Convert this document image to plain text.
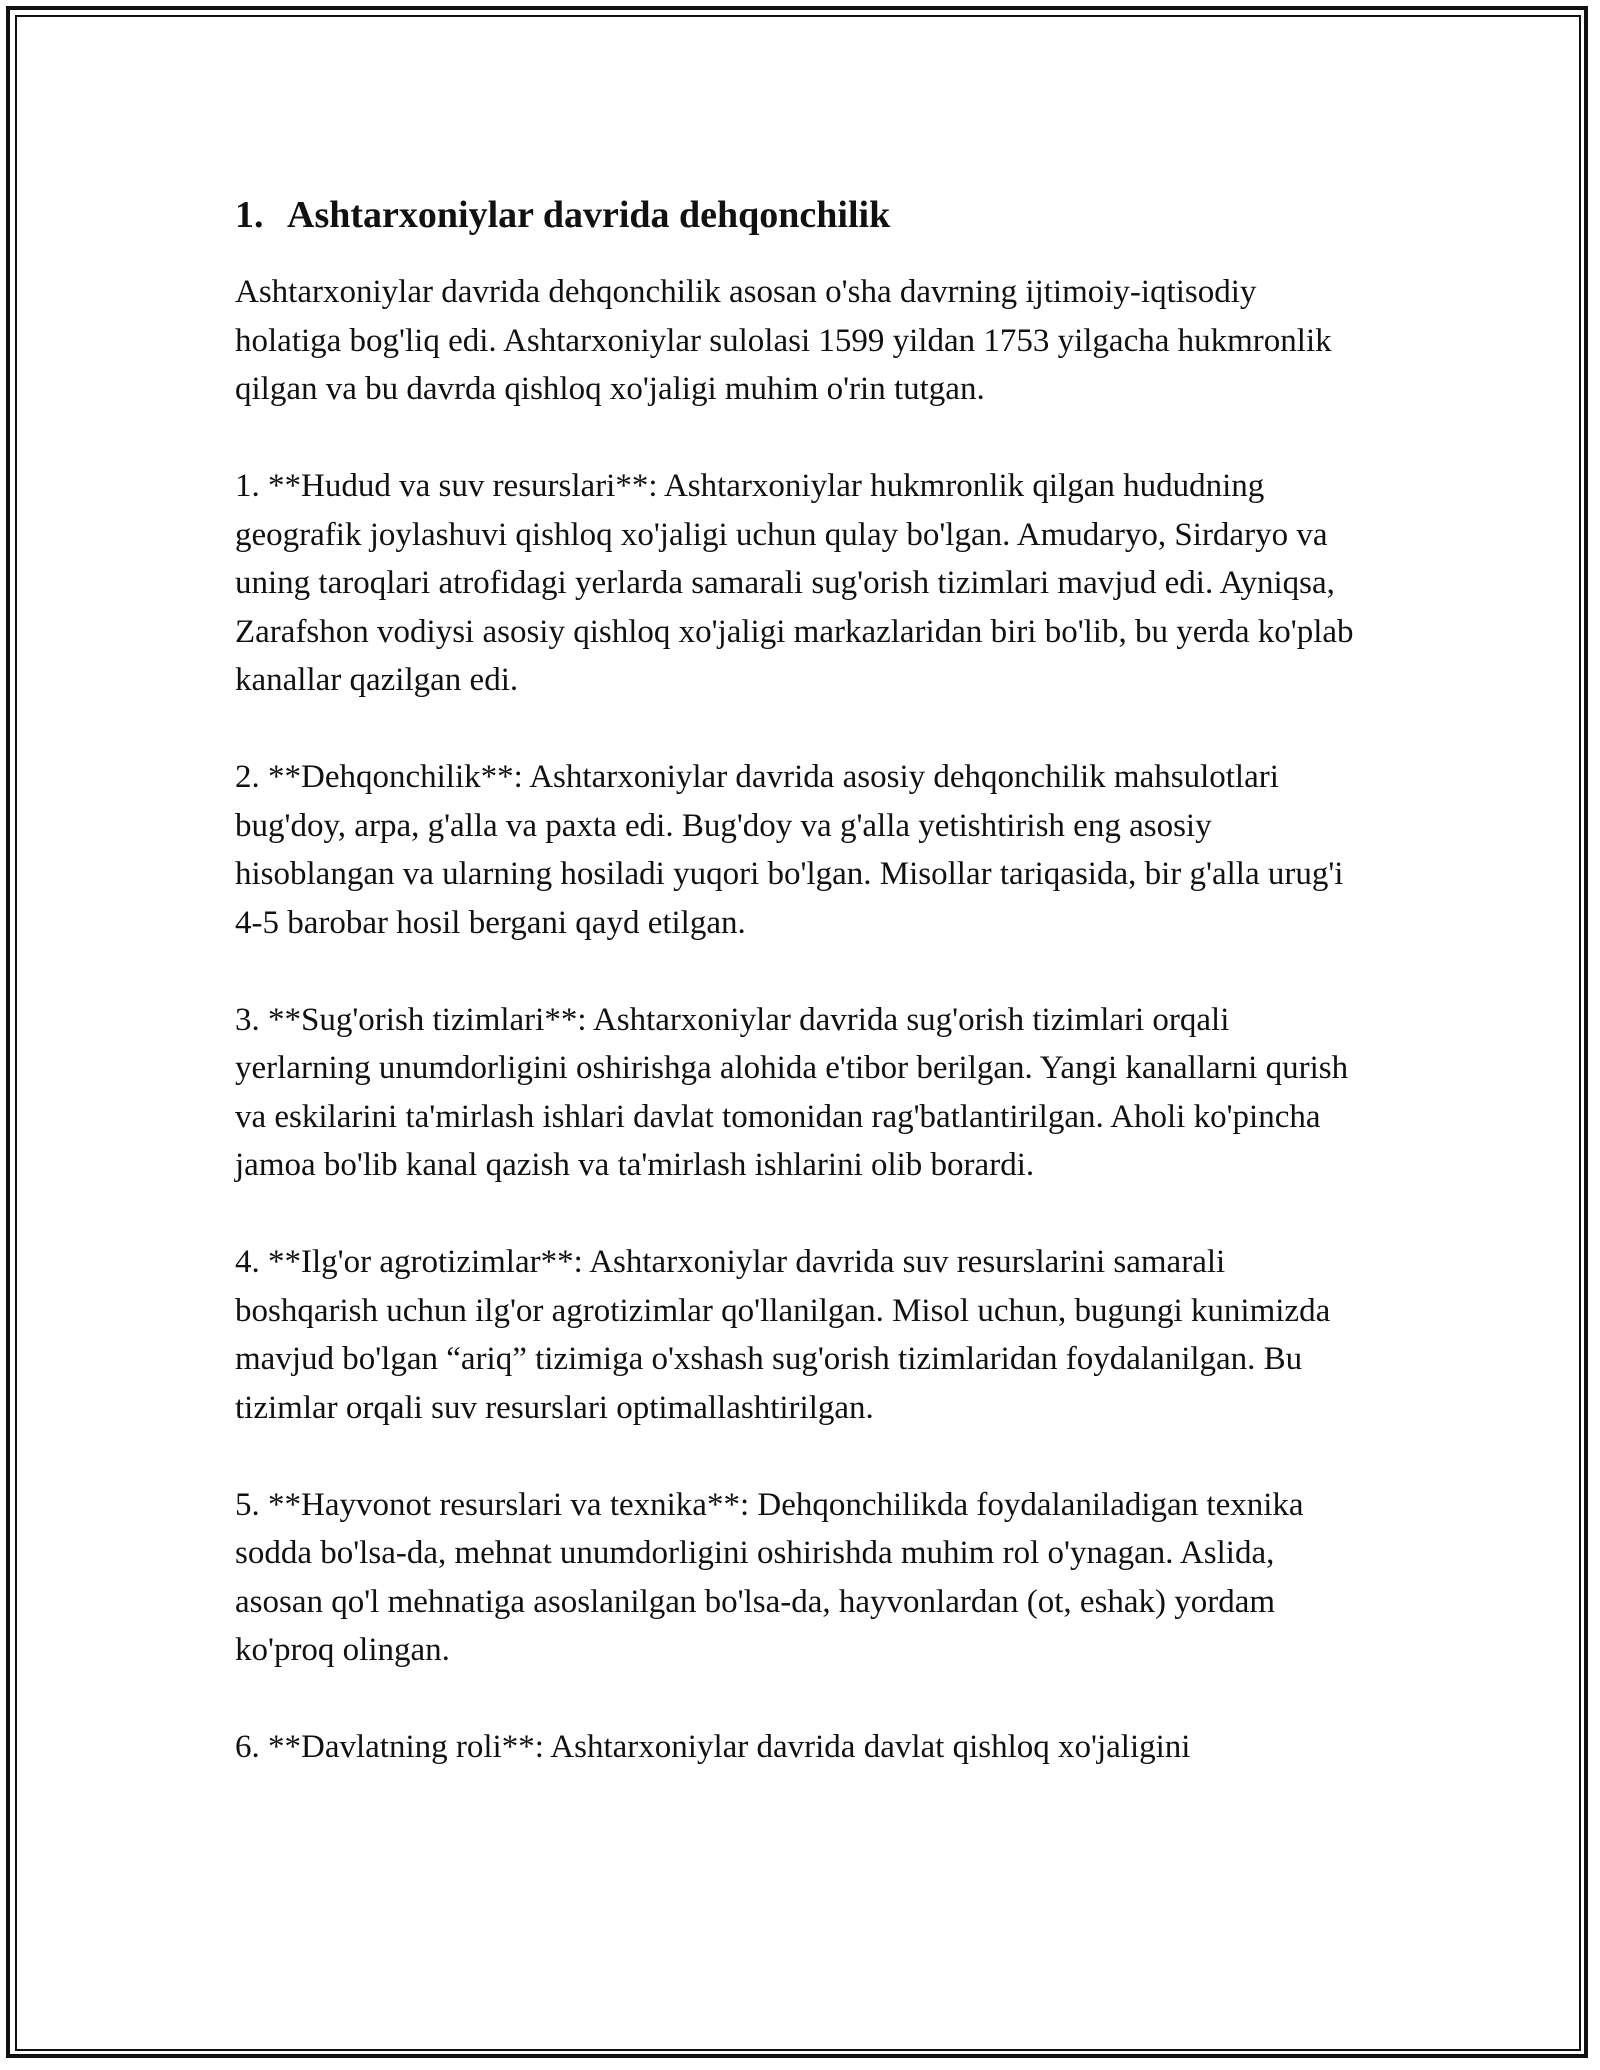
1. Ashtarxoniylar davrida dehqonchilik

Ashtarxoniylar davrida dehqonchilik asosan o'sha davrning ijtimoiy-iqtisodiy holatiga bog'liq edi. Ashtarxoniylar sulolasi 1599 yildan 1753 yilgacha hukmronlik qilgan va bu davrda qishloq xo'jaligi muhim o'rin tutgan.

1. **Hudud va suv resurslari**: Ashtarxoniylar hukmronlik qilgan hududning geografik joylashuvi qishloq xo'jaligi uchun qulay bo'lgan. Amudaryo, Sirdaryo va uning taroqlari atrofidagi yerlarda samarali sug'orish tizimlari mavjud edi. Ayniqsa, Zarafshon vodiysi asosiy qishloq xo'jaligi markazlaridan biri bo'lib, bu yerda ko'plab kanallar qazilgan edi.

2. **Dehqonchilik**: Ashtarxoniylar davrida asosiy dehqonchilik mahsulotlari bug'doy, arpa, g'alla va paxta edi. Bug'doy va g'alla yetishtirish eng asosiy hisoblangan va ularning hosiladi yuqori bo'lgan. Misollar tariqasida, bir g'alla urug'i 4-5 barobar hosil bergani qayd etilgan.

3. **Sug'orish tizimlari**: Ashtarxoniylar davrida sug'orish tizimlari orqali yerlarning unumdorligini oshirishga alohida e'tibor berilgan. Yangi kanallarni qurish va eskilarini ta'mirlash ishlari davlat tomonidan rag'batlantirilgan. Aholi ko'pincha jamoa bo'lib kanal qazish va ta'mirlash ishlarini olib borardi.

4. **Ilg'or agrotizimlar**: Ashtarxoniylar davrida suv resurslarini samarali boshqarish uchun ilg'or agrotizimlar qo'llanilgan. Misol uchun, bugungi kunimizda mavjud bo'lgan “ariq” tizimiga o'xshash sug'orish tizimlaridan foydalanilgan. Bu tizimlar orqali suv resurslari optimallashtirilgan.

5. **Hayvonot resurslari va texnika**: Dehqonchilikda foydalaniladigan texnika sodda bo'lsa-da, mehnat unumdorligini oshirishda muhim rol o'ynagan. Aslida, asosan qo'l mehnatiga asoslanilgan bo'lsa-da, hayvonlardan (ot, eshak) yordam ko'proq olingan.

6. **Davlatning roli**: Ashtarxoniylar davrida davlat qishloq xo'jaligini
